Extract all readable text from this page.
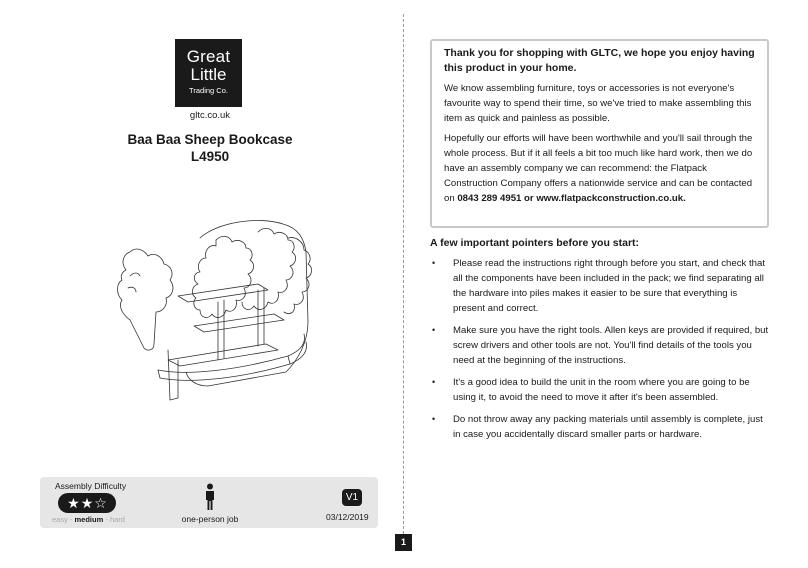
Great
Little
Trading Co.
gltc.co.uk
Baa Baa Sheep Bookcase
L4950
Assembly Difficulty
★ ★ ☆
easy - medium - hard	one-person job
V1
03/12/2019
1
Thank you for shopping with GLTC, we hope you enjoy having this product in your home.

We know assembling furniture, toys or accessories is not everyone's favourite way to spend their time, so we've tried to make assembling this item as quick and painless as possible.

Hopefully our efforts will have been worthwhile and you'll sail through the whole process. But if it all feels a bit too much like hard work, then we do have an assembly company we can recommend: the Flatpack Construction Company offers a nationwide service and can be contacted on 0843 289 4951 or www.flatpackconstruction.co.uk.

A few important pointers before you start:
• Please read the instructions right through before you start, and check that all the components have been included in the pack; we find separating all the hardware into piles makes it easier to be sure that everything is present and correct.
• Make sure you have the right tools. Allen keys are provided if required, but screw drivers and other tools are not. You'll find details of the tools you need at the beginning of the instructions.
• It's a good idea to build the unit in the room where you are going to be using it, to avoid the need to move it after it's been assembled.
• Do not throw away any packing materials until assembly is complete, just in case you accidentally discard smaller parts or hardware.
